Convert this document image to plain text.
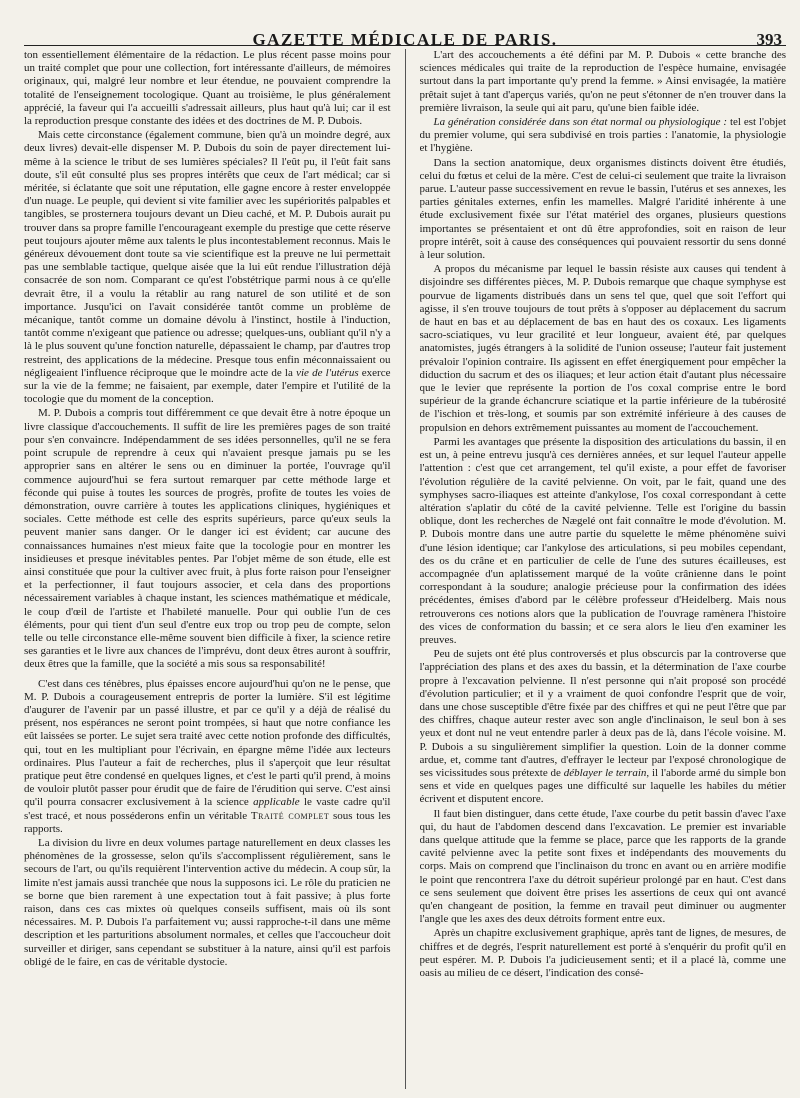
GAZETTE MÉDICALE DE PARIS.	393

ton essentiellement élémentaire de la rédaction. Le plus récent passe moins pour un traité complet que pour une collection, fort intéressante d'ailleurs, de mémoires originaux, qui, malgré leur nombre et leur étendue, ne pouvaient comprendre la totalité de l'enseignement tocologique. Quant au troisième, le plus généralement apprécié, la faveur qui l'a accueilli s'adressait ailleurs, plus haut qu'à lui; car il est la reproduction presque constante des idées et des doctrines de M. P. Dubois.

Mais cette circonstance (également commune, bien qu'à un moindre degré, aux deux livres) devait-elle dispenser M. P. Dubois du soin de payer directement lui-même à la science le tribut de ses lumières spéciales? Il l'eût pu, il l'eût fait sans doute, s'il eût consulté plus ses propres intérêts que ceux de l'art médical; car si méritée, si éclatante que soit une réputation, elle gagne encore à rester enveloppée d'un nuage. Le peuple, qui devient si vite familier avec les supériorités palpables et tangibles, se prosternera toujours devant un Dieu caché, et M. P. Dubois aurait pu trouver dans sa propre famille l'encourageant exemple du prestige que cette réserve peut toujours ajouter même aux talents le plus incontestablement reconnus. Mais le généreux dévouement dont toute sa vie scientifique est la preuve ne lui permettait pas une semblable tactique, quelque aisée que la lui eût rendue l'illustration déjà consacrée de son nom. Comparant ce qu'est l'obstétrique parmi nous à ce qu'elle devrait être, il a voulu la rétablir au rang naturel de son utilité et de son importance. Jusqu'ici on l'avait considérée tantôt comme un problème de mécanique, tantôt comme un domaine dévolu à l'instinct, hostile à l'induction, tantôt comme n'exigeant que patience ou adresse; quelques-uns, oubliant qu'il n'y a là le plus souvent qu'une fonction naturelle, dépassaient le champ, par d'autres trop restreint, des applications de la médecine. Presque tous enfin méconnaissaient ou négligeaient l'influence réciproque que le moindre acte de la vie de l'utérus exerce sur la vie de la femme; ne faisaient, par exemple, dater l'empire et l'utilité de la tocologie que du moment de la conception.

M. P. Dubois a compris tout différemment ce que devait être à notre époque un livre classique d'accouchements. Il suffit de lire les premières pages de son traité pour s'en convaincre. Indépendamment de ses idées personnelles, qu'il ne se fera point scrupule de reprendre à ceux qui n'avaient presque jamais pu se les approprier sans en altérer le sens ou en diminuer la portée, l'ouvrage qu'il commence aujourd'hui se fera surtout remarquer par cette méthode large et féconde qui puise à toutes les sources de progrès, profite de toutes les voies de démonstration, ouvre carrière à toutes les applications cliniques, hygiéniques et sociales. Cette méthode est celle des esprits supérieurs, parce qu'eux seuls la peuvent manier sans danger. Or le danger ici est évident; car aucune des connaissances humaines n'est mieux faite que la tocologie pour en montrer les insidieuses et presque inévitables pentes. Par l'objet même de son étude, elle est ainsi constituée que pour la cultiver avec fruit, à plus forte raison pour l'enseigner et la perfectionner, il faut toujours associer, et cela dans des proportions nécessairement variables à chaque instant, les sciences mathématique et médicale, le coup d'œil de l'artiste et l'habileté manuelle. Pour qui oublie l'un de ces éléments, pour qui tient d'un seul d'entre eux trop ou trop peu de compte, selon telle ou telle circonstance elle-même souvent bien difficile à fixer, la science retire ses garanties et le livre aux chances de l'imprévu, dont deux êtres auront à souffrir, deux êtres que la famille, que la société a mis sous sa responsabilité!

C'est dans ces ténèbres, plus épaisses encore aujourd'hui qu'on ne le pense, que M. P. Dubois a courageusement entrepris de porter la lumière. S'il est légitime d'augurer de l'avenir par un passé illustre, et par ce qu'il y a déjà de réalisé du présent, nos espérances ne seront point trompées, si haut que notre confiance les eût laissées se porter. Le sujet sera traité avec cette notion profonde des difficultés, qui, tout en les multipliant pour l'écrivain, en épargne même l'idée aux lecteurs ordinaires. Plus l'auteur a fait de recherches, plus il s'aperçoit que leur résultat pratique peut être condensé en quelques lignes, et c'est le parti qu'il prend, à moins de vouloir plutôt passer pour érudit que de faire de l'érudition qui serve. C'est ainsi qu'il pourra consacrer exclusivement à la science applicable le vaste cadre qu'il s'est tracé, et nous posséderons enfin un véritable Traité complet sous tous les rapports.

La division du livre en deux volumes partage naturellement en deux classes les phénomènes de la grossesse, selon qu'ils s'accomplissent régulièrement, sans le secours de l'art, ou qu'ils requièrent l'intervention active du médecin. A coup sûr, la limite n'est jamais aussi tranchée que nous la supposons ici. Le rôle du praticien ne se borne que bien rarement à une expectation tout à fait passive; à plus forte raison, dans ces cas mixtes où quelques conseils suffisent, mais où ils sont nécessaires. M. P. Dubois l'a parfaitement vu; aussi rapproche-t-il dans une même description et les parturitions absolument normales, et celles que l'accoucheur doit surveiller et diriger, sans cependant se substituer à la nature, ainsi qu'il est parfois obligé de le faire, en cas de véritable dystocie.

L'art des accouchements a été défini par M. P. Dubois « cette branche des sciences médicales qui traite de la reproduction de l'espèce humaine, envisagée surtout dans la part importante qu'y prend la femme. » Ainsi envisagée, la matière prêtait sujet à tant d'aperçus variés, qu'on ne peut s'étonner de n'en trouver dans la première livraison, la seule qui ait paru, qu'une bien faible idée.

La génération considérée dans son état normal ou physiologique : tel est l'objet du premier volume, qui sera subdivisé en trois parties : l'anatomie, la physiologie et l'hygiène.

Dans la section anatomique, deux organismes distincts doivent être étudiés, celui du fœtus et celui de la mère. C'est de celui-ci seulement que traite la livraison parue. L'auteur passe successivement en revue le bassin, l'utérus et ses annexes, les parties génitales externes, enfin les mamelles. Malgré l'aridité inhérente à une étude exclusivement fixée sur l'état matériel des organes, plusieurs questions importantes se présentaient et ont dû être approfondies, soit en raison de leur propre intérêt, soit à cause des conséquences qui pouvaient ressortir du sens donné à leur solution.

A propos du mécanisme par lequel le bassin résiste aux causes qui tendent à disjoindre ses différentes pièces, M. P. Dubois remarque que chaque symphyse est pourvue de ligaments distribués dans un sens tel que, quel que soit l'effort qui agisse, il s'en trouve toujours de tout prêts à s'opposer au déplacement du sacrum de haut en bas et au déplacement de bas en haut des os coxaux. Les ligaments sacro-sciatiques, vu leur gracilité et leur longueur, avaient été, par quelques anatomistes, jugés étrangers à la solidité de l'union osseuse; l'auteur fait justement prévaloir l'opinion contraire. Ils agissent en effet énergiquement pour empêcher la diduction du sacrum et des os iliaques; et leur action était d'autant plus nécessaire que le levier que représente la portion de l'os coxal comprise entre le bord supérieur de la grande échancrure sciatique et la partie inférieure de la tubérosité de l'ischion et très-long, et soumis par son extrémité inférieure à des causes de propulsion en dehors extrêmement puissantes au moment de l'accouchement.

Parmi les avantages que présente la disposition des articulations du bassin, il en est un, à peine entrevu jusqu'à ces dernières années, et sur lequel l'auteur appelle l'attention : c'est que cet arrangement, tel qu'il existe, a pour effet de favoriser l'évolution régulière de la cavité pelvienne. On voit, par le fait, quand une des symphyses sacro-iliaques est atteinte d'ankylose, l'os coxal correspondant à cette altération s'aplatir du côté de la cavité pelvienne. Telle est l'origine du bassin oblique, dont les recherches de Nægelé ont fait connaître le mode d'évolution. M. P. Dubois montre dans une autre partie du squelette le même phénomène suivi d'une lésion identique; car l'ankylose des articulations, si peu mobiles cependant, des os du crâne et en particulier de celle de l'une des sutures écailleuses, est accompagnée d'un aplatissement marqué de la voûte crânienne dans le point correspondant à la soudure; analogie précieuse pour la confirmation des idées précédentes, émises d'abord par le célèbre professeur d'Heidelberg. Mais nous retrouverons ces notions alors que la publication de l'ouvrage ramènera l'histoire des vices de conformation du bassin; et ce sera alors le lieu d'en examiner les preuves.

Peu de sujets ont été plus controversés et plus obscurcis par la controverse que l'appréciation des plans et des axes du bassin, et la détermination de l'axe courbe propre à l'excavation pelvienne. Il n'est personne qui n'ait proposé son procédé d'évolution particulier; et il y a vraiment de quoi confondre l'esprit que de voir, dans une chose susceptible d'être fixée par des chiffres et qui ne peut l'être que par des chiffres, chaque auteur rester avec son angle d'inclinaison, le seul bon à ses yeux et dont nul ne veut entendre parler à deux pas de là, dans l'école voisine. M. P. Dubois a su singulièrement simplifier la question. Loin de la donner comme ardue, et, comme tant d'autres, d'effrayer le lecteur par l'exposé chronologique de ses vicissitudes sous prétexte de déblayer le terrain, il l'aborde armé du simple bon sens et vide en quelques pages une difficulté sur laquelle les habiles du métier écrivent et disputent encore.

Il faut bien distinguer, dans cette étude, l'axe courbe du petit bassin d'avec l'axe qui, du haut de l'abdomen descend dans l'excavation. Le premier est invariable dans quelque attitude que la femme se place, parce que les rapports de la grande cavité pelvienne avec la petite sont fixes et indépendants des mouvements du corps. Mais on comprend que l'inclinaison du tronc en avant ou en arrière modifie le point que rencontrera l'axe du détroit supérieur prolongé par en haut. C'est dans ce sens seulement que doivent être prises les assertions de ceux qui ont avancé qu'en changeant de position, la femme en travail peut diminuer ou augmenter l'angle que les axes des deux détroits forment entre eux.

Après un chapitre exclusivement graphique, après tant de lignes, de mesures, de chiffres et de degrés, l'esprit naturellement est porté à s'enquérir du profit qu'il en peut espérer. M. P. Dubois l'a judicieusement senti; et il a placé là, comme une oasis au milieu de ce désert, l'indication des consé-
